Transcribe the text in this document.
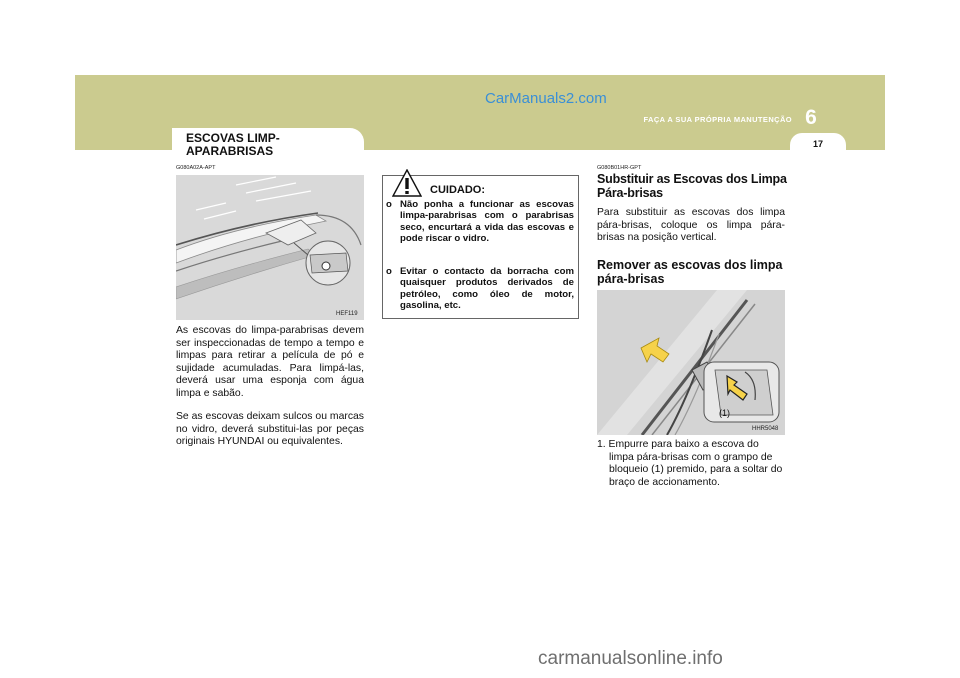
CarManuals2.com
FAÇA A SUA PRÓPRIA MANUTENÇÃO 6
17
ESCOVAS LIMP-APARABRISAS
G080A02A-APT
HEF119
As escovas do limpa-parabrisas devem ser inspeccionadas de tempo a tempo e limpas para retirar a película de pó e sujidade acumuladas. Para limpá-las, deverá usar uma esponja com água limpa e sabão.
Se as escovas deixam sulcos ou marcas no vidro, deverá substitui-las por peças originais HYUNDAI ou equivalentes.
CUIDADO:
o Não ponha a funcionar as escovas limpa-parabrisas com o parabrisas seco, encurtará a vida das escovas e pode riscar o vidro.
o Evitar o contacto da borracha com quaisquer produtos derivados de petróleo, como óleo de motor, gasolina, etc.
G080B01HR-GPT
Substituir as Escovas dos Limpa Pára-brisas
Para substituir as escovas dos limpa pára-brisas, coloque os limpa pára-brisas na posição vertical.
Remover as escovas dos limpa pára-brisas
(1)
HHR5048
1. Empurre para baixo a escova do limpa pára-brisas com o grampo de bloqueio (1) premido, para a soltar do braço de accionamento.
carmanualsonline.info
